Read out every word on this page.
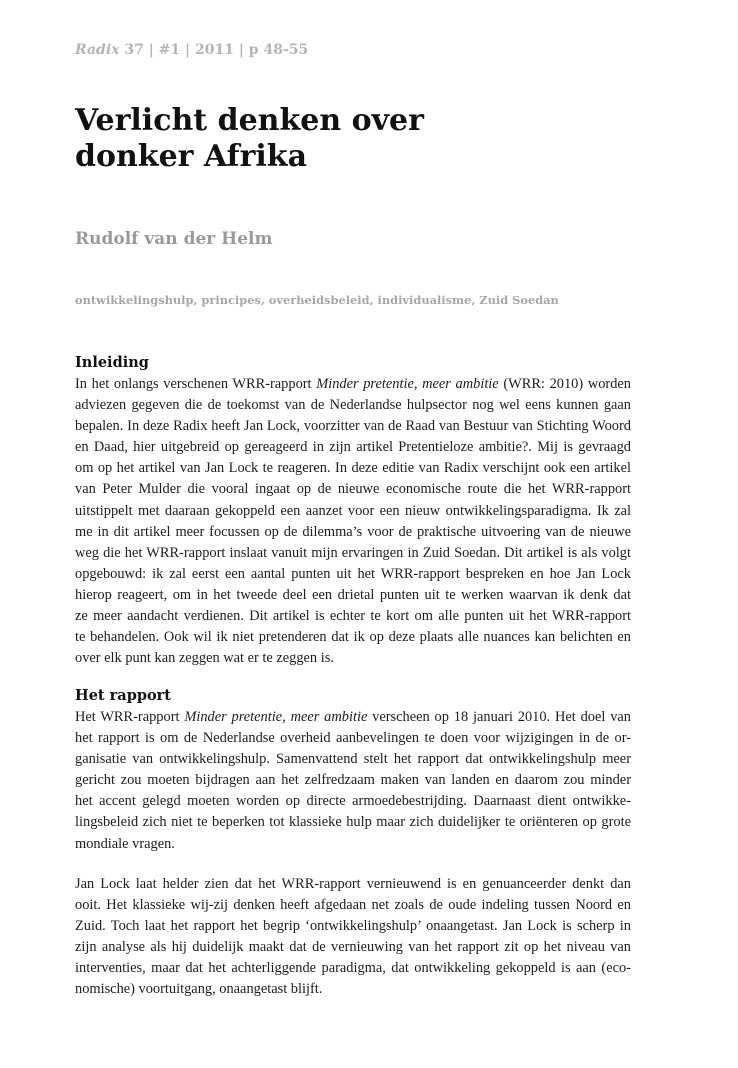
Radix 37 | #1 | 2011 | p 48-55
Verlicht denken over
donker Afrika
Rudolf van der Helm
ontwikkelingshulp, principes, overheidsbeleid, individualisme, Zuid Soedan
Inleiding
In het onlangs verschenen WRR-rapport Minder pretentie, meer ambitie (WRR: 2010) worden
adviezen gegeven die de toekomst van de Nederlandse hulpsector nog wel eens kunnen gaan
bepalen. In deze Radix heeft Jan Lock, voorzitter van de Raad van Bestuur van Stichting Woord
en Daad, hier uitgebreid op gereageerd in zijn artikel Pretentieloze ambitie?. Mij is gevraagd
om op het artikel van Jan Lock te reageren. In deze editie van Radix verschijnt ook een artikel
van Peter Mulder die vooral ingaat op de nieuwe economische route die het WRR-rapport
uitstippelt met daaraan gekoppeld een aanzet voor een nieuw ontwikkelingsparadigma. Ik zal
me in dit artikel meer focussen op de dilemma’s voor de praktische uitvoering van de nieuwe
weg die het WRR-rapport inslaat vanuit mijn ervaringen in Zuid Soedan. Dit artikel is als volgt
opgebouwd: ik zal eerst een aantal punten uit het WRR-rapport bespreken en hoe Jan Lock
hierop reageert, om in het tweede deel een drietal punten uit te werken waarvan ik denk dat
ze meer aandacht verdienen. Dit artikel is echter te kort om alle punten uit het WRR-rapport
te behandelen. Ook wil ik niet pretenderen dat ik op deze plaats alle nuances kan belichten en
over elk punt kan zeggen wat er te zeggen is.
Het rapport
Het WRR-rapport Minder pretentie, meer ambitie verscheen op 18 januari 2010. Het doel van
het rapport is om de Nederlandse overheid aanbevelingen te doen voor wijzigingen in de or-
ganisatie van ontwikkelingshulp. Samenvattend stelt het rapport dat ontwikkelingshulp meer
gericht zou moeten bijdragen aan het zelfredzaam maken van landen en daarom zou minder
het accent gelegd moeten worden op directe armoedebestrijding. Daarnaast dient ontwikke-
lingsbeleid zich niet te beperken tot klassieke hulp maar zich duidelijker te oriënteren op grote
mondiale vragen.
Jan Lock laat helder zien dat het WRR-rapport vernieuwend is en genuanceerder denkt dan
ooit. Het klassieke wij-zij denken heeft afgedaan net zoals de oude indeling tussen Noord en
Zuid. Toch laat het rapport het begrip ‘ontwikkelingshulp’ onaangetast. Jan Lock is scherp in
zijn analyse als hij duidelijk maakt dat de vernieuwing van het rapport zit op het niveau van
interventies, maar dat het achterliggende paradigma, dat ontwikkeling gekoppeld is aan (eco-
nomische) voortuitgang, onaangetast blijft.
